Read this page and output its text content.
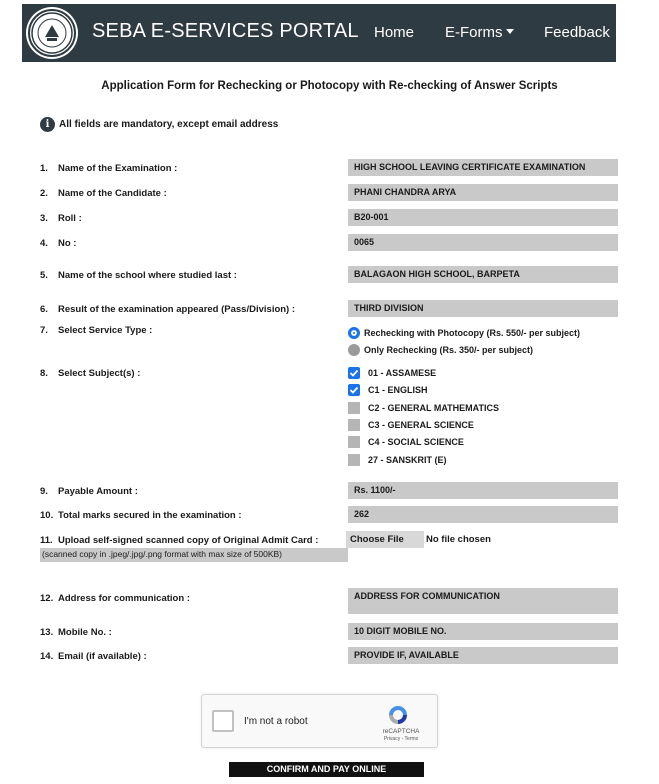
SEBA E-SERVICES PORTAL Home E-Forms	Feedback
Application Form for Rechecking or Photocopy with Re-checking of Answer Scripts
i All fields are mandatory, except email address
1. Name of the Examination :	HIGH SCHOOL LEAVING CERTIFICATE EXAMINATION
2. Name of the Candidate :	PHANI CHANDRA ARYA
3. Roll :	B20-001
4. No :	0065
5. Name of the school where studied last :	BALAGAON HIGH SCHOOL, BARPETA
6. Result of the examination appeared (Pass/Division) :	THIRD DIVISION
7. Select Service Type :	Rechecking with Photocopy (Rs. 550/- per subject)
Only Rechecking (Rs. 350/- per subject)
8. Select Subject(s) :	01 - ASSAMESE
C1 - ENGLISH
C2 - GENERAL MATHEMATICS
C3 - GENERAL SCIENCE
C4 - SOCIAL SCIENCE
27 - SANSKRIT (E)
9. Payable Amount :	Rs. 1100/-
10. Total marks secured in the examination :	262
11. Upload self-signed scanned copy of Original Admit Card :
(scanned copy in .jpeg/.jpg/.png format with max size of 500KB)
Choose File	No file chosen
12. Address for communication :	ADDRESS FOR COMMUNICATION
13. Mobile No. :	10 DIGIT MOBILE NO.
14. Email (if available) :	PROVIDE IF, AVAILABLE
I'm not a robot
reCAPTCHA
Privacy - Terms
CONFIRM AND PAY ONLINE
